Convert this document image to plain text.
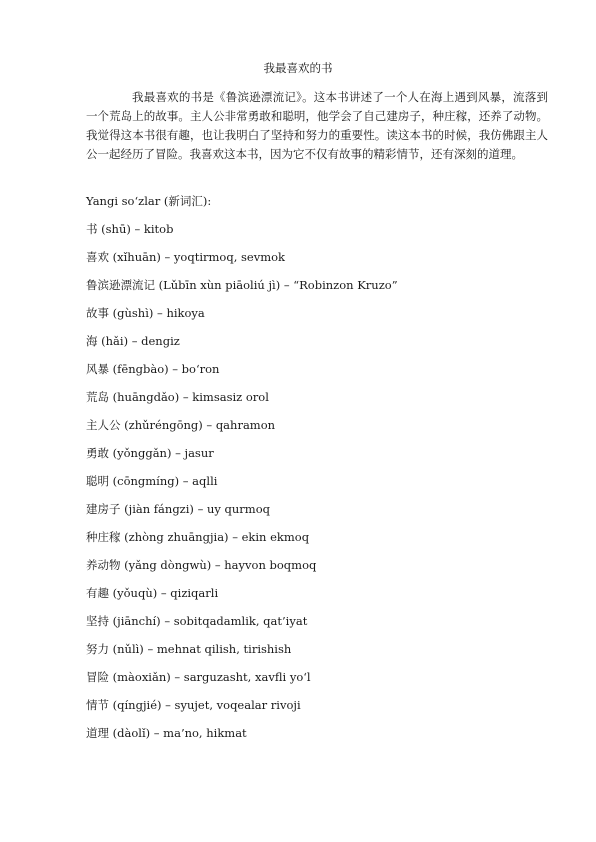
我最喜欢的书

我最喜欢的书是《鲁滨逊漂流记》。这本书讲述了一个人在海上遇到风暴，流落到一个荒岛上的故事。主人公非常勇敢和聪明，他学会了自己建房子，种庄稼，还养了动物。我觉得这本书很有趣，也让我明白了坚持和努力的重要性。读这本书的时候，我仿佛跟主人公一起经历了冒险。我喜欢这本书，因为它不仅有故事的精彩情节，还有深刻的道理。

Yangi so‘zlar (新词汇):
书 (shū) – kitob
喜欢 (xǐhuān) – yoqtirmoq, sevmok
鲁滨逊漂流记 (Lǔbīn xùn piāoliú jì) – “Robinzon Kruzo”
故事 (gùshì) – hikoya
海 (hǎi) – dengiz
风暴 (fēngbào) – bo‘ron
荒岛 (huāngdǎo) – kimsasiz orol
主人公 (zhǔréngōng) – qahramon
勇敢 (yǒnggǎn) – jasur
聪明 (cōngmíng) – aqlli
建房子 (jiàn fángzi) – uy qurmoq
种庄稼 (zhòng zhuāngjia) – ekin ekmoq
养动物 (yǎng dòngwù) – hayvon boqmoq
有趣 (yǒuqù) – qiziqarli
坚持 (jiānchí) – sobitqadamlik, qat’iyat
努力 (nǔlì) – mehnat qilish, tirishish
冒险 (màoxiǎn) – sarguzasht, xavfli yo‘l
情节 (qíngjié) – syujet, voqealar rivoji
道理 (dàolǐ) – ma’no, hikmat
